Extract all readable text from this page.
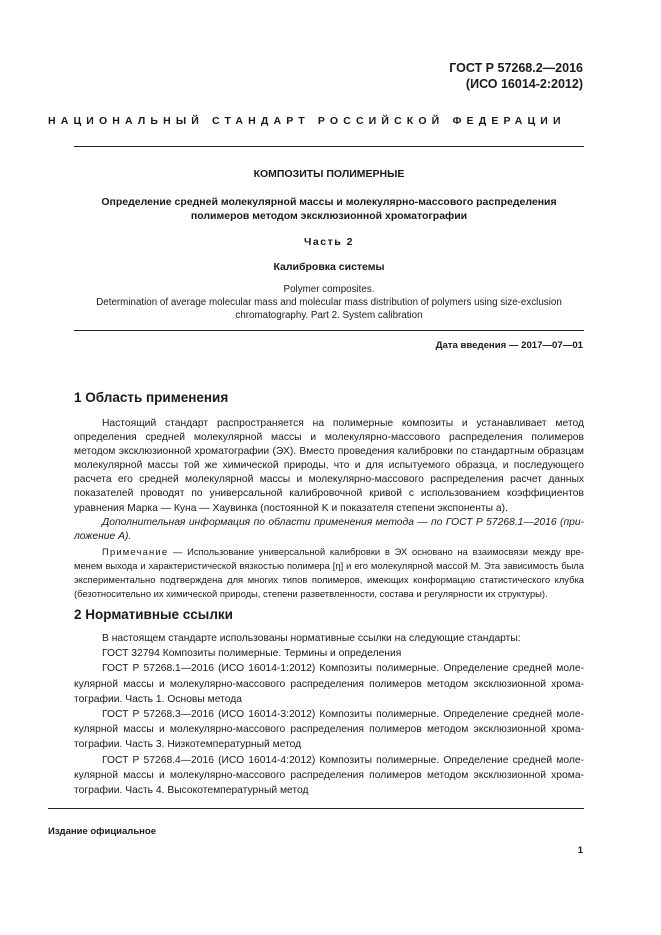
ГОСТ Р 57268.2—2016
(ИСО 16014-2:2012)
НАЦИОНАЛЬНЫЙ СТАНДАРТ РОССИЙСКОЙ ФЕДЕРАЦИИ
КОМПОЗИТЫ ПОЛИМЕРНЫЕ
Определение средней молекулярной массы и молекулярно-массового распределения
полимеров методом эксклюзионной хроматографии
Часть 2
Калибровка системы
Polymer composites.
Determination of average molecular mass and molecular mass distribution of polymers using size-exclusion
chromatography. Part 2. System calibration
Дата введения — 2017—07—01
1 Область применения
Настоящий стандарт распространяется на полимерные композиты и устанавливает метод
определения средней молекулярной массы и молекулярно-массового распределения полимеров
методом эксклюзионной хроматографии (ЭХ). Вместо проведения калибровки по стандартным образцам
молекулярной массы той же химической природы, что и для испытуемого образца, и последующего
расчета его средней молекулярной массы и молекулярно-массового распределения расчет данных
показателей проводят по универсальной калибровочной кривой с использованием коэффициентов
уравнения Марка — Куна — Хаувинка (постоянной K и показателя степени экспоненты a).
Дополнительная информация по области применения метода — по ГОСТ Р 57268.1—2016 (при-
ложение А).
Примечание — Использование универсальной калибровки в ЭХ основано на взаимосвязи между вре-
менем выхода и характеристической вязкостью полимера [η] и его молекулярной массой M. Эта зависимость была
экспериментально подтверждена для многих типов полимеров, имеющих конформацию статистического клубка
(безотносительно их химической природы, степени разветвленности, состава и регулярности их структуры).
2 Нормативные ссылки
В настоящем стандарте использованы нормативные ссылки на следующие стандарты:
ГОСТ 32794 Композиты полимерные. Термины и определения
ГОСТ Р 57268.1—2016 (ИСО 16014-1:2012) Композиты полимерные. Определение средней моле-
кулярной массы и молекулярно-массового распределения полимеров методом эксклюзионной хрома-
тографии. Часть 1. Основы метода
ГОСТ Р 57268.3—2016 (ИСО 16014-3:2012) Композиты полимерные. Определение средней моле-
кулярной массы и молекулярно-массового распределения полимеров методом эксклюзионной хрома-
тографии. Часть 3. Низкотемпературный метод
ГОСТ Р 57268.4—2016 (ИСО 16014-4:2012) Композиты полимерные. Определение средней моле-
кулярной массы и молекулярно-массового распределения полимеров методом эксклюзионной хрома-
тографии. Часть 4. Высокотемпературный метод
Издание официальное
1
